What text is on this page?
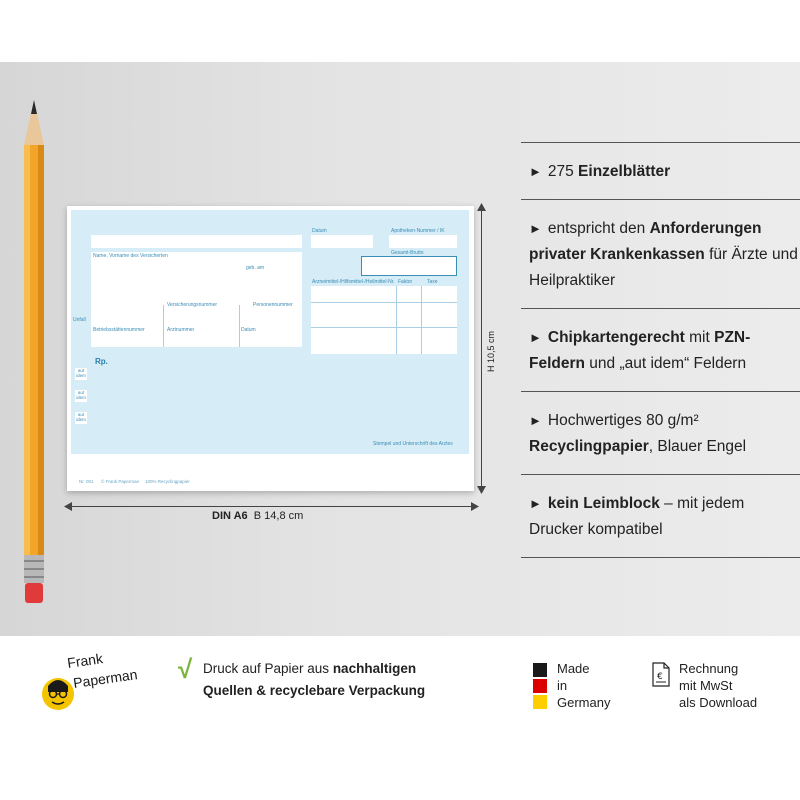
Name, Vorname des Versicherten
geb. am
Datum	Apotheken-Nummer / IK
Gesamt-Brutto
Arzneimittel-/Hilfsmittel-/Heilmittel-Nr. Faktor	Taxe
Unfall
Versicherungsnummer	Personennummer
Betriebsstättennummer	Arztnummer	Datum
Rp.
aut idem
aut idem
aut idem
Stempel und Unterschrift des Arztes
Nr. 001 © Frank Paperman 100% Recyclingpapier
DIN A6 B 14,8 cm
H 10,5 cm
► 275 Einzelblätter
► entspricht den Anforderungen privater Krankenkassen für Ärzte und Heilpraktiker
► Chipkartengerecht mit PZN-Feldern und „aut idem“ Feldern
► Hochwertiges 80 g/m² Recyclingpapier, Blauer Engel
► kein Leimblock – mit jedem Drucker kompatibel
Frank
Paperman √ Druck auf Papier aus nachhaltigen
Quellen & recyclebare Verpackung
Made
in
Germany
€
Rechnung
mit MwSt
als Download
